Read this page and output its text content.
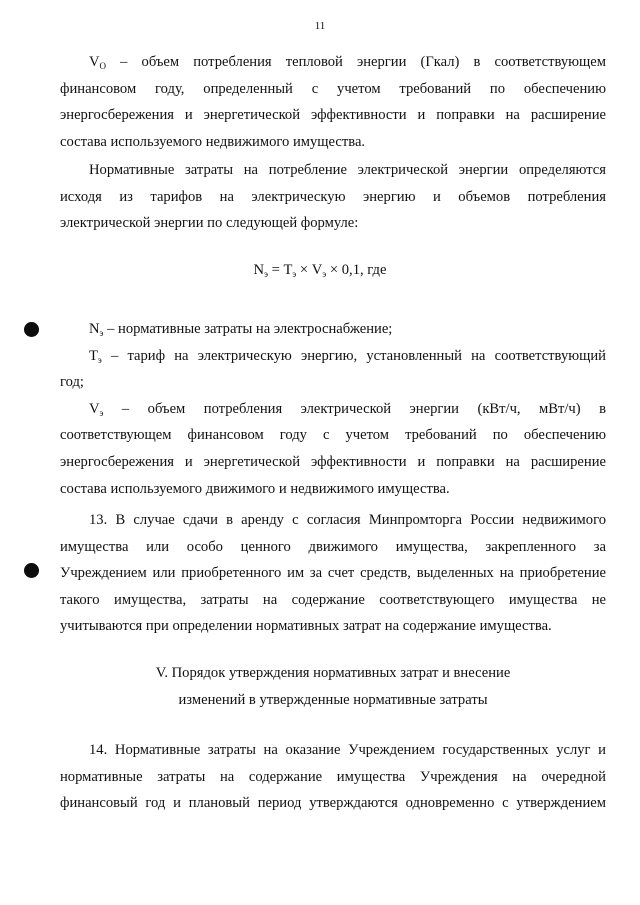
11
$V_О$ – объем потребления тепловой энергии (Гкал) в соответствующем
финансовом году, определенный с учетом требований по обеспечению
энергосбережения и энергетической эффективности и поправки на расширение
состава используемого недвижимого имущества.
Нормативные затраты на потребление электрической энергии определяются
исходя из тарифов на электрическую энергию и объемов потребления
электрической энергии по следующей формуле:
$N_э = T_э \times V_э \times 0,1$, где
$N_э$ – нормативные затраты на электроснабжение;
$T_э$ – тариф на электрическую энергию, установленный на соответствующий
год;
$V_э$ – объем потребления электрической энергии (кВт/ч, мВт/ч) в
соответствующем финансовом году с учетом требований по обеспечению
энергосбережения и энергетической эффективности и поправки на расширение
состава используемого движимого и недвижимого имущества.
13. В случае сдачи в аренду с согласия Минпромторга России недвижимого
имущества или особо ценного движимого имущества, закрепленного за
Учреждением или приобретенного им за счет средств, выделенных на приобретение
такого имущества, затраты на содержание соответствующего имущества не
учитываются при определении нормативных затрат на содержание имущества.
V. Порядок утверждения нормативных затрат и внесение
изменений в утвержденные нормативные затраты
14. Нормативные затраты на оказание Учреждением государственных услуг и
нормативные затраты на содержание имущества Учреждения на очередной
финансовый год и плановый период утверждаются одновременно с утверждением
